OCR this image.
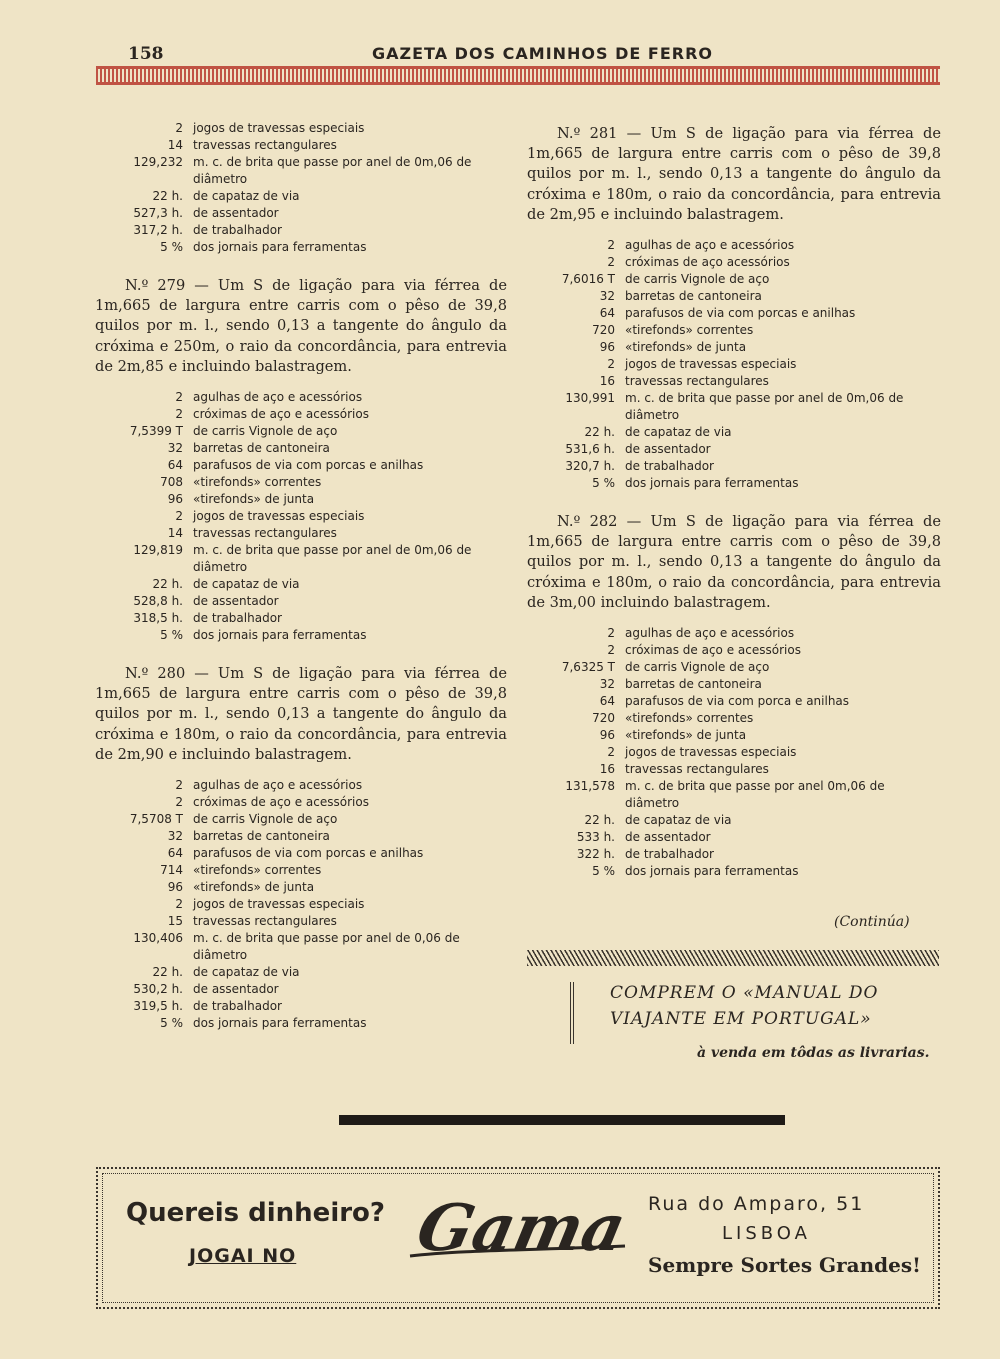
158	GAZETA DOS CAMINHOS DE FERRO
2 jogos de travessas especiais
14 travessas rectangulares
129,232 m. c. de brita que passe por anel de 0m,06 de diâmetro
22 h. de capataz de via
527,3 h. de assentador
317,2 h. de trabalhador
5 % dos jornais para ferramentas

N.º 279 — Um S de ligação para via férrea de 1m,665 de largura entre carris com o pêso de 39,8 quilos por m. l., sendo 0,13 a tangente do ângulo da cróxima e 250m, o raio da concordância, para entrevia de 2m,85 e incluindo balastragem.

2 agulhas de aço e acessórios
2 cróximas de aço e acessórios
7,5399 T de carris Vignole de aço
32 barretas de cantoneira
64 parafusos de via com porcas e anilhas
708 «tirefonds» correntes
96 «tirefonds» de junta
2 jogos de travessas especiais
14 travessas rectangulares
129,819 m. c. de brita que passe por anel de 0m,06 de diâmetro
22 h. de capataz de via
528,8 h. de assentador
318,5 h. de trabalhador
5 % dos jornais para ferramentas

N.º 280 — Um S de ligação para via férrea de 1m,665 de largura entre carris com o pêso de 39,8 quilos por m. l., sendo 0,13 a tangente do ângulo da cróxima e 180m, o raio da concordância, para entrevia de 2m,90 e incluindo balastragem.

2 agulhas de aço e acessórios
2 cróximas de aço e acessórios
7,5708 T de carris Vignole de aço
32 barretas de cantoneira
64 parafusos de via com porcas e anilhas
714 «tirefonds» correntes
96 «tirefonds» de junta
2 jogos de travessas especiais
15 travessas rectangulares
130,406 m. c. de brita que passe por anel de 0,06 de diâmetro
22 h. de capataz de via
530,2 h. de assentador
319,5 h. de trabalhador
5 % dos jornais para ferramentas

N.º 281 — Um S de ligação para via férrea de 1m,665 de largura entre carris com o pêso de 39,8 quilos por m. l., sendo 0,13 a tangente do ângulo da cróxima e 180m, o raio da concordância, para entrevia de 2m,95 e incluindo balastragem.

2 agulhas de aço e acessórios
2 cróximas de aço acessórios
7,6016 T de carris Vignole de aço
32 barretas de cantoneira
64 parafusos de via com porcas e anilhas
720 «tirefonds» correntes
96 «tirefonds» de junta
2 jogos de travessas especiais
16 travessas rectangulares
130,991 m. c. de brita que passe por anel de 0m,06 de diâmetro
22 h. de capataz de via
531,6 h. de assentador
320,7 h. de trabalhador
5 % dos jornais para ferramentas

N.º 282 — Um S de ligação para via férrea de 1m,665 de largura entre carris com o pêso de 39,8 quilos por m. l., sendo 0,13 a tangente do ângulo da cróxima e 180m, o raio da concordância, para entrevia de 3m,00 incluindo balastragem.

2 agulhas de aço e acessórios
2 cróximas de aço e acessórios
7,6325 T de carris Vignole de aço
32 barretas de cantoneira
64 parafusos de via com porca e anilhas
720 «tirefonds» correntes
96 «tirefonds» de junta
2 jogos de travessas especiais
16 travessas rectangulares
131,578 m. c. de brita que passe por anel 0m,06 de diâmetro
22 h. de capataz de via
533 h. de assentador
322 h. de trabalhador
5 % dos jornais para ferramentas
(Continúa)
COMPREM O «MANUAL DO VIAJANTE EM PORTUGAL»
à venda em tôdas as livrarias.
Quereis dinheiro?
JOGAI NO Gama Rua do Amparo, 51
LISBOA
Sempre Sortes Grandes!
